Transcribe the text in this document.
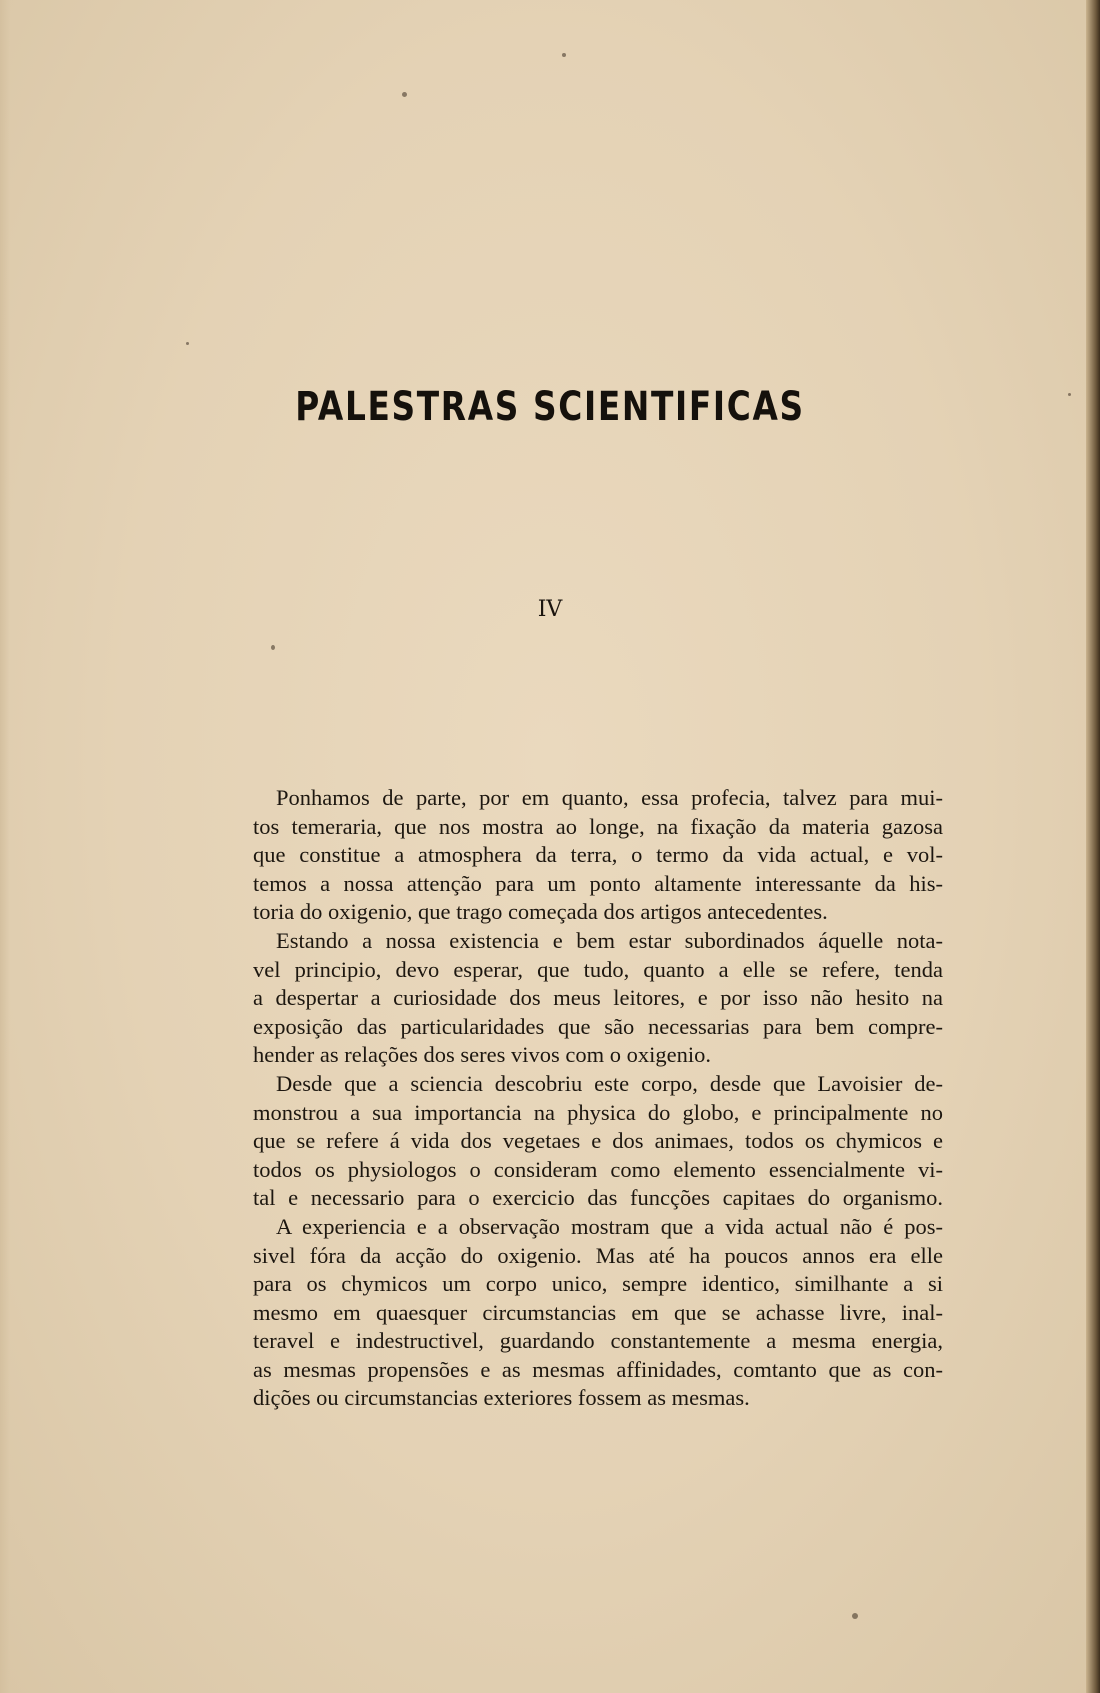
PALESTRAS SCIENTIFICAS
IV
Ponhamos de parte, por em quanto, essa profecia, talvez para mui-
tos temeraria, que nos mostra ao longe, na fixação da materia gazosa
que constitue a atmosphera da terra, o termo da vida actual, e vol-
temos a nossa attenção para um ponto altamente interessante da his-
toria do oxigenio, que trago começada dos artigos antecedentes.
Estando a nossa existencia e bem estar subordinados áquelle nota-
vel principio, devo esperar, que tudo, quanto a elle se refere, tenda
a despertar a curiosidade dos meus leitores, e por isso não hesito na
exposição das particularidades que são necessarias para bem compre-
hender as relações dos seres vivos com o oxigenio.
Desde que a sciencia descobriu este corpo, desde que Lavoisier de-
monstrou a sua importancia na physica do globo, e principalmente no
que se refere á vida dos vegetaes e dos animaes, todos os chymicos e
todos os physiologos o consideram como elemento essencialmente vi-
tal e necessario para o exercicio das funcções capitaes do organismo.
A experiencia e a observação mostram que a vida actual não é pos-
sivel fóra da acção do oxigenio. Mas até ha poucos annos era elle
para os chymicos um corpo unico, sempre identico, similhante a si
mesmo em quaesquer circumstancias em que se achasse livre, inal-
teravel e indestructivel, guardando constantemente a mesma energia,
as mesmas propensões e as mesmas affinidades, comtanto que as con-
dições ou circumstancias exteriores fossem as mesmas.
